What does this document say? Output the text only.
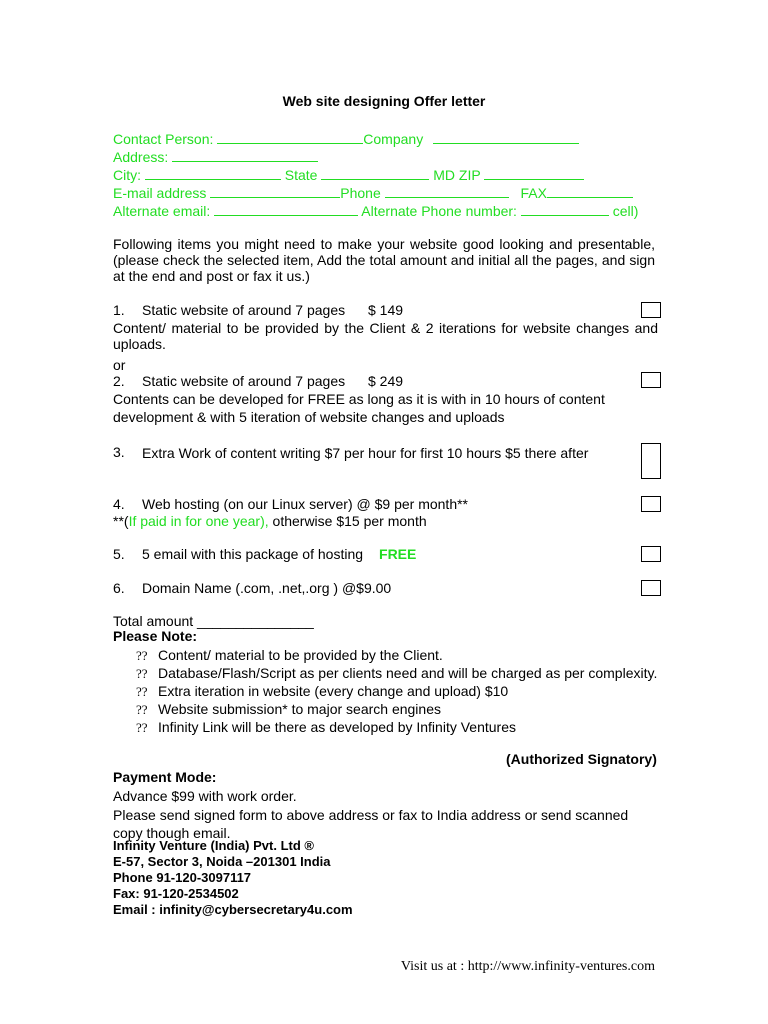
Web site designing Offer letter
Contact Person:	Company
Address:
City:	State	MD ZIP
E-mail address	Phone	FAX
Alternate email:	Alternate Phone number:	cell)
Following items you might need to make your website good looking and presentable, (please check the selected item, Add the total amount and initial all the pages, and sign at the end and post or fax it us.)
1. Static website of around 7 pages $ 149
Content/ material to be provided by the Client & 2 iterations for website changes and uploads.
or
2. Static website of around 7 pages $ 249
Contents can be developed for FREE as long as it is with in 10 hours of content development & with 5 iteration of website changes and uploads
3. Extra Work of content writing $7 per hour for first 10 hours $5 there after
4. Web hosting (on our Linux server) @ $9 per month**
**(If paid in for one year), otherwise $15 per month
5. 5 email with this package of hosting FREE
6. Domain Name (.com, .net,.org ) @$9.00
Total amount _______________
Please Note:
?? Content/ material to be provided by the Client.
?? Database/Flash/Script as per clients need and will be charged as per complexity.
?? Extra iteration in website (every change and upload) $10
?? Website submission* to major search engines
?? Infinity Link will be there as developed by Infinity Ventures
(Authorized Signatory)
Payment Mode:
Advance $99 with work order.
Please send signed form to above address or fax to India address or send scanned copy though email.
Infinity Venture (India) Pvt. Ltd ®
E-57, Sector 3, Noida –201301 India
Phone 91-120-3097117
Fax: 91-120-2534502
Email : infinity@cybersecretary4u.com
Visit us at : http://www.infinity-ventures.com
